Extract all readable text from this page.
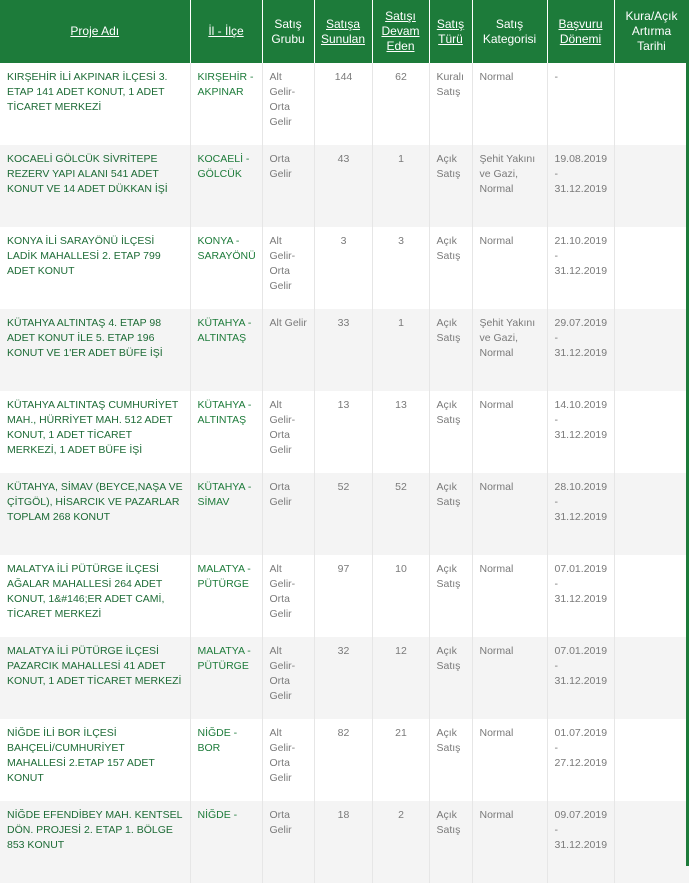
Proje Adı	İl - İlçe	Satış Grubu	Satışa Sunulan	Satışı Devam Eden	Satış Türü	Satış Kategorisi	Başvuru Dönemi	Kura/Açık Artırma Tarihi
KIRŞEHİR İLİ AKPINAR İLÇESİ 3. ETAP 141 ADET KONUT, 1 ADET TİCARET MERKEZİ	KIRŞEHİR - AKPINAR	Alt Gelir-Orta Gelir	144	62	Kuralı Satış	Normal	-	
KOCAELİ GÖLCÜK SİVRİTEPE REZERV YAPI ALANI 541 ADET KONUT VE 14 ADET DÜKKAN İŞİ	KOCAELİ - GÖLCÜK	Orta Gelir	43	1	Açık Satış	Şehit Yakını ve Gazi, Normal	19.08.2019 - 31.12.2019	
KONYA İLİ SARAYÖNÜ İLÇESİ LADİK MAHALLESİ 2. ETAP 799 ADET KONUT	KONYA - SARAYÖNÜ	Alt Gelir-Orta Gelir	3	3	Açık Satış	Normal	21.10.2019 - 31.12.2019	
KÜTAHYA ALTINTAŞ 4. ETAP 98 ADET KONUT İLE 5. ETAP 196 KONUT VE 1'ER ADET BÜFE İŞİ	KÜTAHYA - ALTINTAŞ	Alt Gelir	33	1	Açık Satış	Şehit Yakını ve Gazi, Normal	29.07.2019 - 31.12.2019	
KÜTAHYA ALTINTAŞ CUMHURİYET MAH., HÜRRİYET MAH. 512 ADET KONUT, 1 ADET TİCARET MERKEZİ, 1 ADET BÜFE İŞİ	KÜTAHYA - ALTINTAŞ	Alt Gelir-Orta Gelir	13	13	Açık Satış	Normal	14.10.2019 - 31.12.2019	
KÜTAHYA, SİMAV (BEYCE,NAŞA VE ÇİTGÖL), HİSARCIK VE PAZARLAR TOPLAM 268 KONUT	KÜTAHYA - SİMAV	Orta Gelir	52	52	Açık Satış	Normal	28.10.2019 - 31.12.2019	
MALATYA İLİ PÜTÜRGE İLÇESİ AĞALAR MAHALLESİ 264 ADET KONUT, 1&#146;ER ADET CAMİ, TİCARET MERKEZİ	MALATYA - PÜTÜRGE	Alt Gelir-Orta Gelir	97	10	Açık Satış	Normal	07.01.2019 - 31.12.2019	
MALATYA İLİ PÜTÜRGE İLÇESİ PAZARCIK MAHALLESİ 41 ADET KONUT, 1 ADET TİCARET MERKEZİ	MALATYA - PÜTÜRGE	Alt Gelir-Orta Gelir	32	12	Açık Satış	Normal	07.01.2019 - 31.12.2019	
NİĞDE İLİ BOR İLÇESİ BAHÇELİ/CUMHURİYET MAHALLESİ 2.ETAP 157 ADET KONUT	NİĞDE - BOR	Alt Gelir-Orta Gelir	82	21	Açık Satış	Normal	01.07.2019 - 27.12.2019	
NİĞDE EFENDİBEY MAH. KENTSEL DÖN. PROJESİ 2. ETAP 1. BÖLGE 853 KONUT	NİĞDE -	Orta Gelir	18	2	Açık Satış	Normal	09.07.2019 - 31.12.2019	
